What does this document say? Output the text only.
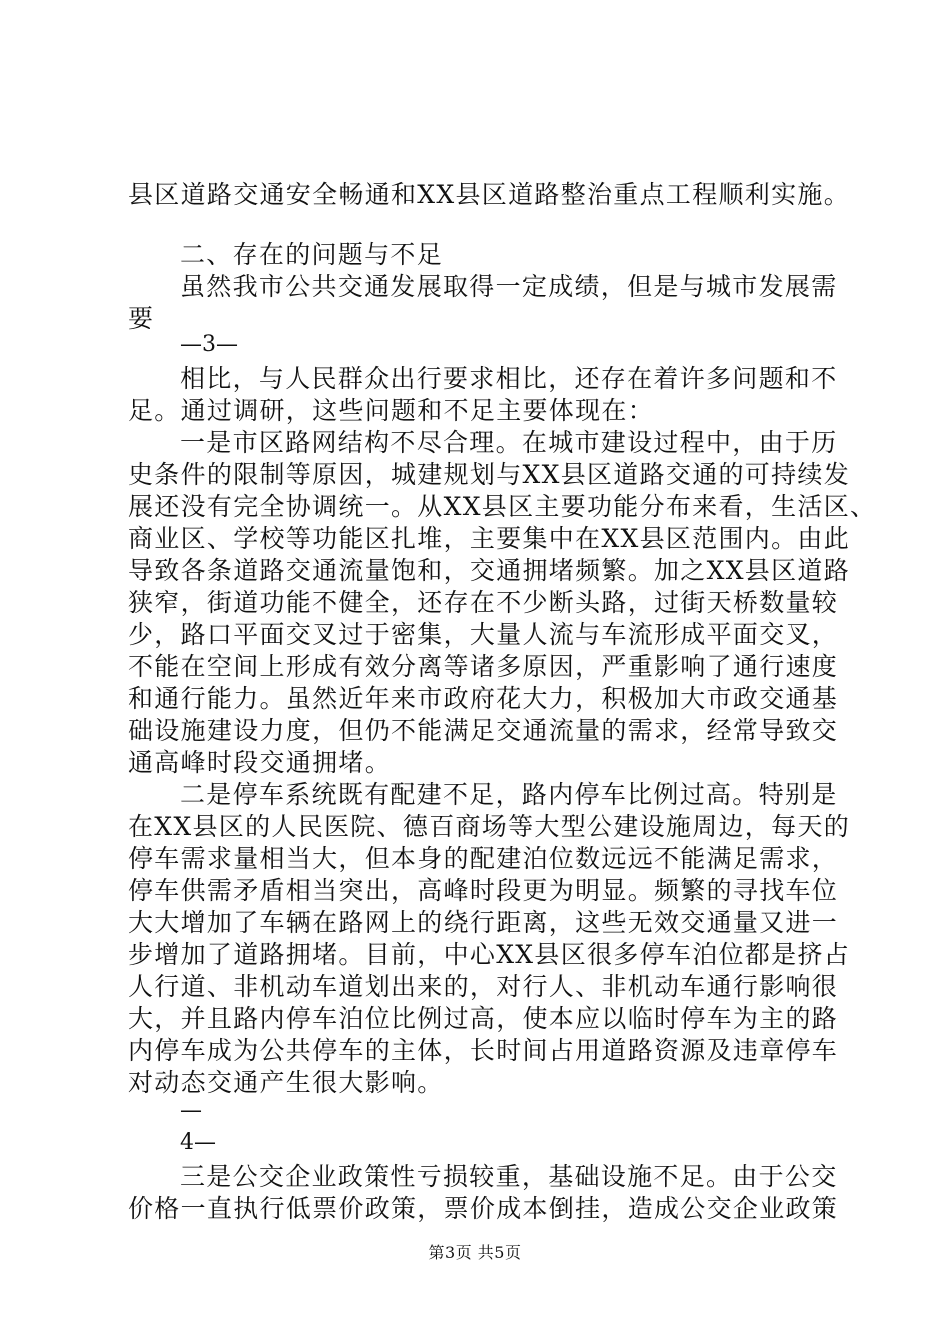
县区道路交通安全畅通和XX县区道路整治重点工程顺利实施。
二、存在的问题与不足
虽然我市公共交通发展取得一定成绩，但是与城市发展需
要
—3—
相比，与人民群众出行要求相比，还存在着许多问题和不
足。通过调研，这些问题和不足主要体现在：
一是市区路网结构不尽合理。在城市建设过程中，由于历
史条件的限制等原因，城建规划与XX县区道路交通的可持续发
展还没有完全协调统一。从XX县区主要功能分布来看，生活区、
商业区、学校等功能区扎堆，主要集中在XX县区范围内。由此
导致各条道路交通流量饱和，交通拥堵频繁。加之XX县区道路
狭窄，街道功能不健全，还存在不少断头路，过街天桥数量较
少，路口平面交叉过于密集，大量人流与车流形成平面交叉，
不能在空间上形成有效分离等诸多原因，严重影响了通行速度
和通行能力。虽然近年来市政府花大力，积极加大市政交通基
础设施建设力度，但仍不能满足交通流量的需求，经常导致交
通高峰时段交通拥堵。
二是停车系统既有配建不足，路内停车比例过高。特别是
在XX县区的人民医院、德百商场等大型公建设施周边，每天的
停车需求量相当大，但本身的配建泊位数远远不能满足需求，
停车供需矛盾相当突出，高峰时段更为明显。频繁的寻找车位
大大增加了车辆在路网上的绕行距离，这些无效交通量又进一
步增加了道路拥堵。目前，中心XX县区很多停车泊位都是挤占
人行道、非机动车道划出来的，对行人、非机动车通行影响很
大，并且路内停车泊位比例过高，使本应以临时停车为主的路
内停车成为公共停车的主体，长时间占用道路资源及违章停车
对动态交通产生很大影响。
—
4—
三是公交企业政策性亏损较重，基础设施不足。由于公交
价格一直执行低票价政策，票价成本倒挂，造成公交企业政策
第3页 共5页
